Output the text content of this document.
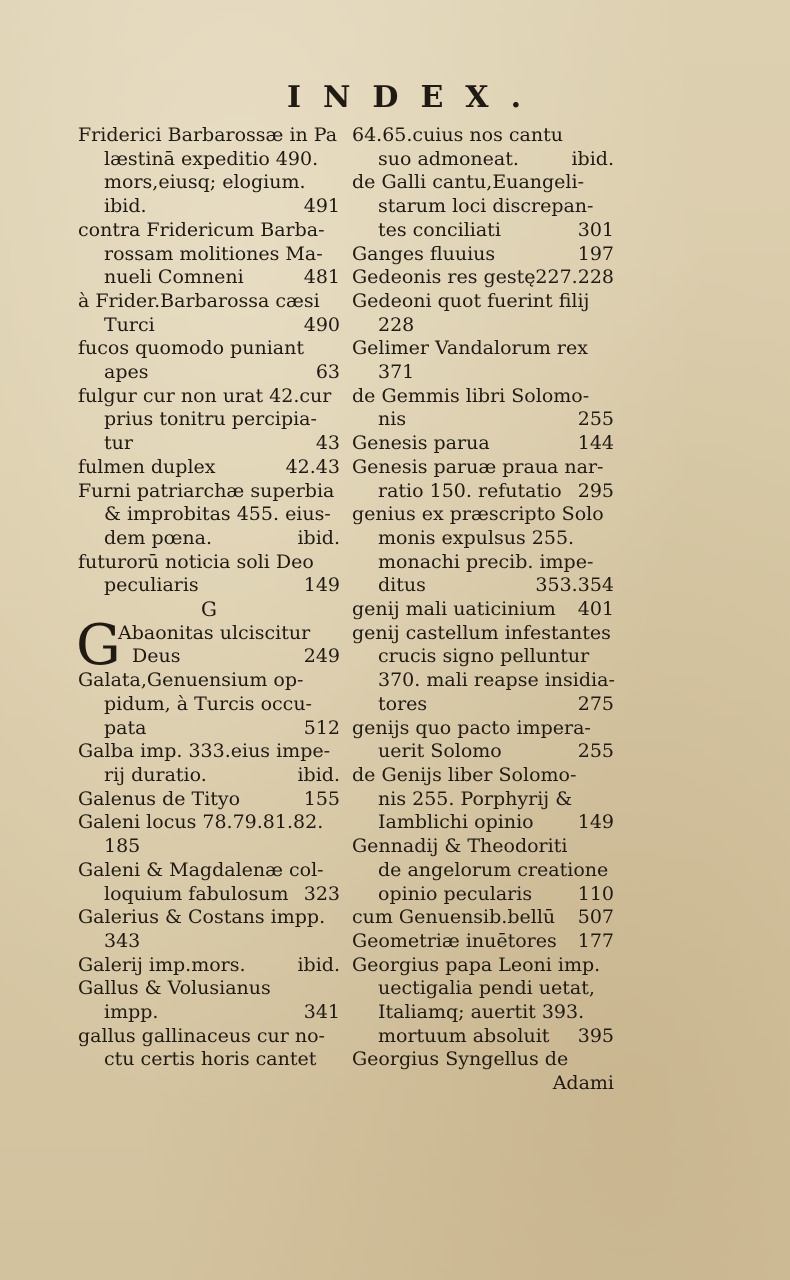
INDEX.
Friderici Barbarossæ in Pa
læstinā expeditio 490.
mors,eiusq; elogium.
ibid.	491
contra Fridericum Barba-
rossam molitiones Ma-
nueli Comneni	481
à Frider.Barbarossa cæsi
Turci	490
fucos quomodo puniant
apes	63
fulgur cur non urat 42.cur
prius tonitru percipia-
tur	43
fulmen duplex	42.43
Furni patriarchæ superbia
& improbitas 455. eius-
dem pœna.	ibid.
futurorū noticia soli Deo
peculiaris	149
G
G
Abaonitas ulciscitur Deus	249
Galata,Genuensium op-
pidum, à Turcis occu-
pata	512
Galba imp. 333.eius impe-
rij duratio.	ibid.
Galenus de Tityo	155
Galeni locus 78.79.81.82.
185
Galeni & Magdalenæ col-
loquium fabulosum 323
Galerius & Costans impp.
343
Galerij imp.mors.	ibid.
Gallus & Volusianus
impp.	341
gallus gallinaceus cur no-
ctu certis horis cantet
64.65.cuius nos cantu
suo admoneat.	ibid.
de Galli cantu,Euangeli-
starum loci discrepan-
tes conciliati	301
Ganges fluuius	197
Gedeonis res gestę 227.228
Gedeoni quot fuerint filij
228
Gelimer Vandalorum rex
371
de Gemmis libri Solomo-
nis	255
Genesis parua	144
Genesis paruæ praua nar-
ratio 150. refutatio 295
genius ex præscripto Solo
monis expulsus 255.
monachi precib. impe-
ditus	353.354
genij mali uaticinium 401
genij castellum infestantes
crucis signo pelluntur
370. mali reapse insidia-
tores	275
genijs quo pacto impera-
uerit Solomo	255
de Genijs liber Solomo-
nis 255. Porphyrij &
Iamblichi opinio 149
Gennadij & Theodoriti
de angelorum creatione
opinio pecularis 110
cum Genuensib.bellū 507
Geometriæ inuētores 177
Georgius papa Leoni imp.
uectigalia pendi uetat,
Italiamq; auertit 393.
mortuum absoluit 395
Georgius Syngellus de
Adami
